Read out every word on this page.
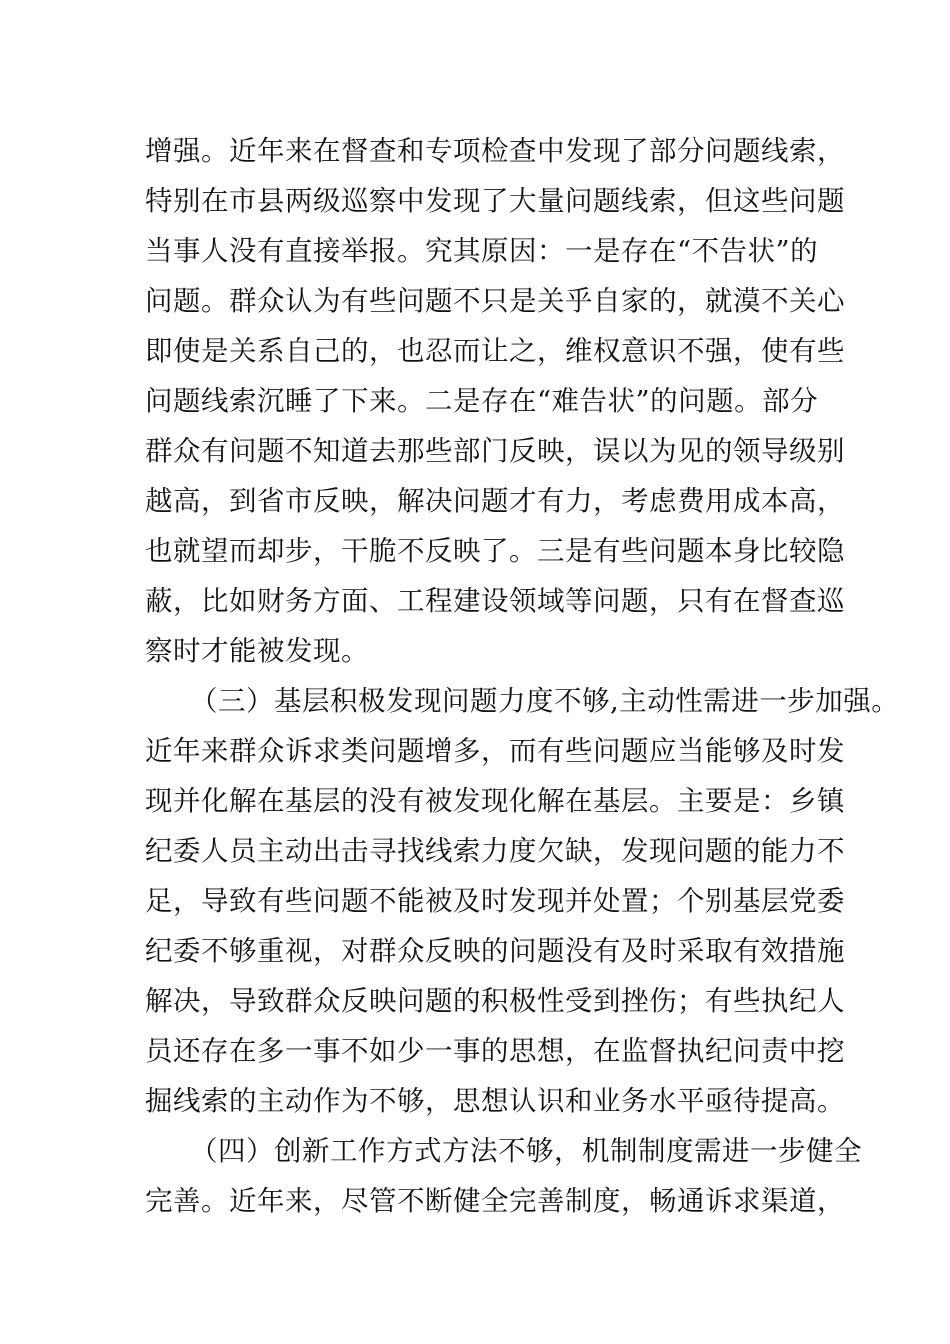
增强。近年来在督查和专项检查中发现了部分问题线索，

特别在市县两级巡察中发现了大量问题线索，但这些问题

当事人没有直接举报。究其原因：一是存在“不告状”的

问题。群众认为有些问题不只是关乎自家的，就漠不关心

即使是关系自己的，也忍而让之，维权意识不强，使有些

问题线索沉睡了下来。二是存在“难告状”的问题。部分

群众有问题不知道去那些部门反映，误以为见的领导级别

越高，到省市反映，解决问题才有力，考虑费用成本高，

也就望而却步，干脆不反映了。三是有些问题本身比较隐

蔽，比如财务方面、工程建设领域等问题，只有在督查巡

察时才能被发现。

（三）基层积极发现问题力度不够,主动性需进一步加强。

近年来群众诉求类问题增多，而有些问题应当能够及时发

现并化解在基层的没有被发现化解在基层。主要是：乡镇

纪委人员主动出击寻找线索力度欠缺，发现问题的能力不

足，导致有些问题不能被及时发现并处置；个别基层党委

纪委不够重视，对群众反映的问题没有及时采取有效措施

解决，导致群众反映问题的积极性受到挫伤；有些执纪人

员还存在多一事不如少一事的思想，在监督执纪问责中挖

掘线索的主动作为不够，思想认识和业务水平亟待提高。

（四）创新工作方式方法不够，机制制度需进一步健全

完善。近年来，尽管不断健全完善制度，畅通诉求渠道，
